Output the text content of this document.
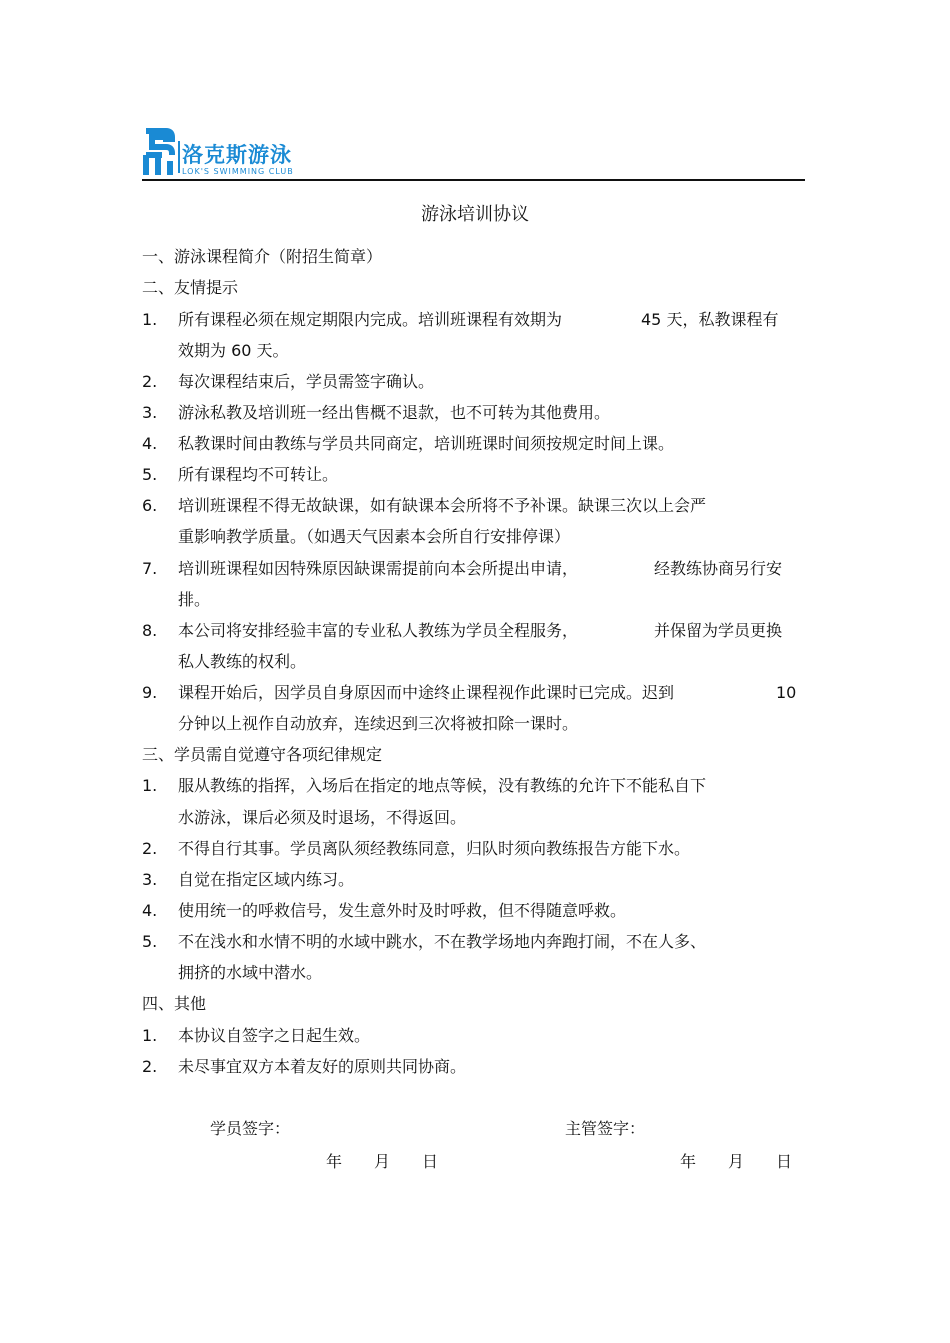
洛克斯游泳
LOK'S SWIMMING CLUB
游泳培训协议
一、游泳课程简介（附招生简章）
二、友情提示
1. 所有课程必须在规定期限内完成。培训班课程有效期为	45 天，私教课程有
效期为 60 天。
2. 每次课程结束后，学员需签字确认。
3. 游泳私教及培训班一经出售概不退款，也不可转为其他费用。
4. 私教课时间由教练与学员共同商定，培训班课时间须按规定时间上课。
5. 所有课程均不可转让。
6. 培训班课程不得无故缺课，如有缺课本会所将不予补课。缺课三次以上会严
重影响教学质量。（如遇天气因素本会所自行安排停课）
7. 培训班课程如因特殊原因缺课需提前向本会所提出申请，	经教练协商另行安
排。
8. 本公司将安排经验丰富的专业私人教练为学员全程服务，	并保留为学员更换
私人教练的权利。
9. 课程开始后，因学员自身原因而中途终止课程视作此课时已完成。迟到	10
分钟以上视作自动放弃，连续迟到三次将被扣除一课时。
三、学员需自觉遵守各项纪律规定
1. 服从教练的指挥，入场后在指定的地点等候，没有教练的允许下不能私自下
水游泳，课后必须及时退场，不得返回。
2. 不得自行其事。学员离队须经教练同意，归队时须向教练报告方能下水。
3. 自觉在指定区域内练习。
4. 使用统一的呼救信号，发生意外时及时呼救，但不得随意呼救。
5. 不在浅水和水情不明的水域中跳水，不在教学场地内奔跑打闹，不在人多、
拥挤的水域中潜水。
四、其他
1. 本协议自签字之日起生效。
2. 未尽事宜双方本着友好的原则共同协商。
学员签字：	主管签字：
年 月 日	年 月 日
